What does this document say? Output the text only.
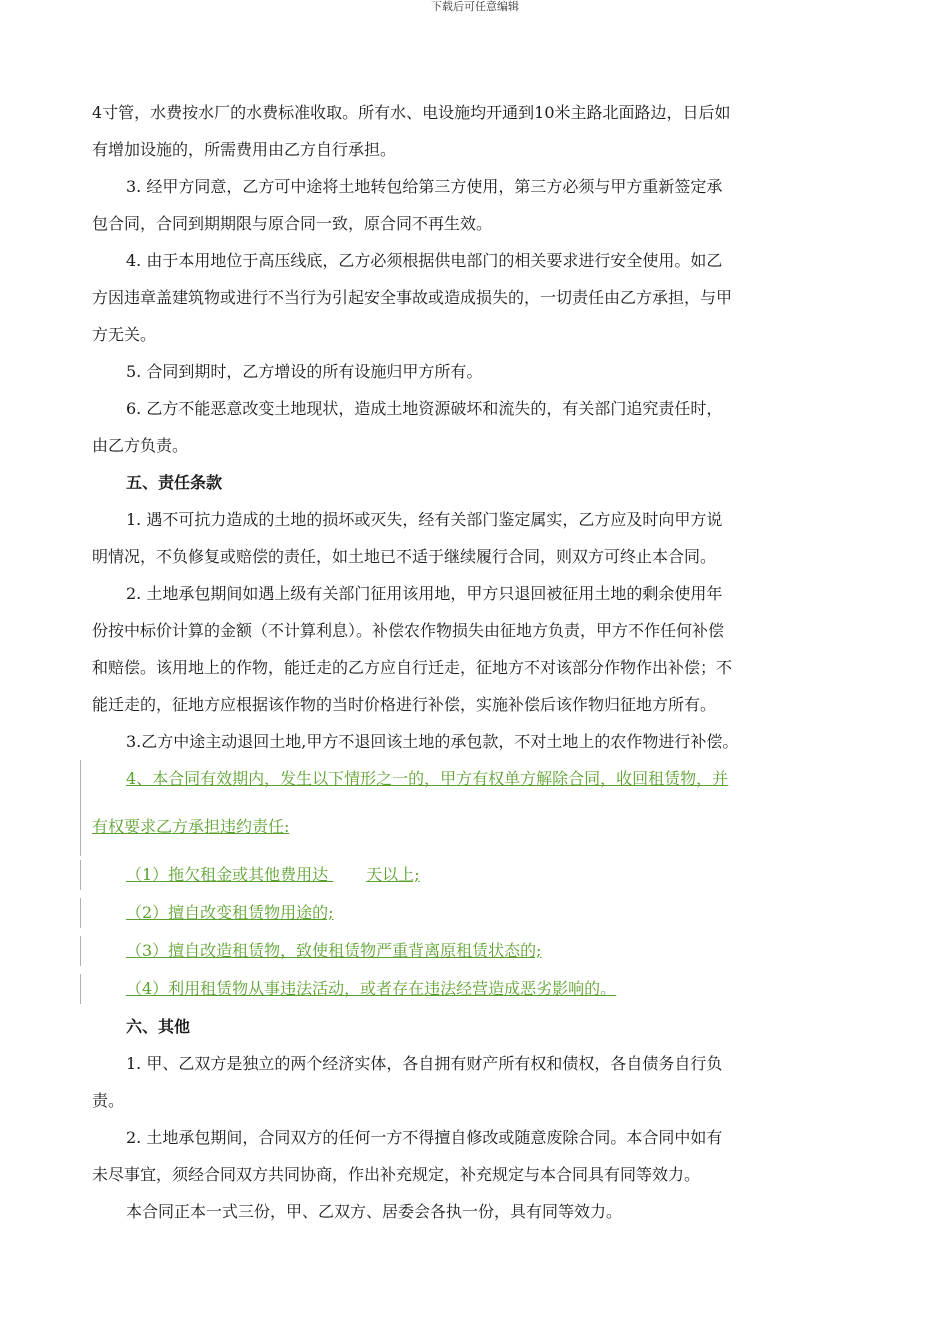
下载后可任意编辑
4寸管，水费按水厂的水费标准收取。所有水、电设施均开通到10米主路北面路边，日后如
有增加设施的，所需费用由乙方自行承担。
3. 经甲方同意，乙方可中途将土地转包给第三方使用，第三方必须与甲方重新签定承
包合同，合同到期期限与原合同一致，原合同不再生效。
4. 由于本用地位于高压线底，乙方必须根据供电部门的相关要求进行安全使用。如乙
方因违章盖建筑物或进行不当行为引起安全事故或造成损失的，一切责任由乙方承担，与甲
方无关。
5. 合同到期时，乙方增设的所有设施归甲方所有。
6. 乙方不能恶意改变土地现状，造成土地资源破坏和流失的，有关部门追究责任时，
由乙方负责。
五、责任条款
1. 遇不可抗力造成的土地的损坏或灭失，经有关部门鉴定属实，乙方应及时向甲方说
明情况，不负修复或赔偿的责任，如土地已不适于继续履行合同，则双方可终止本合同。
2. 土地承包期间如遇上级有关部门征用该用地，甲方只退回被征用土地的剩余使用年
份按中标价计算的金额（不计算利息）。补偿农作物损失由征地方负责，甲方不作任何补偿
和赔偿。该用地上的作物，能迁走的乙方应自行迁走，征地方不对该部分作物作出补偿；不
能迁走的，征地方应根据该作物的当时价格进行补偿，实施补偿后该作物归征地方所有。
3.乙方中途主动退回土地,甲方不退回该土地的承包款，不对土地上的农作物进行补偿。
4、本合同有效期内，发生以下情形之一的，甲方有权单方解除合同，收回租赁物，并
有权要求乙方承担违约责任:
（1）拖欠租金或其他费用达 天以上;
（2）擅自改变租赁物用途的;
（3）擅自改造租赁物，致使租赁物严重背离原租赁状态的;
（4）利用租赁物从事违法活动，或者存在违法经营造成恶劣影响的。
六、其他
1. 甲、乙双方是独立的两个经济实体，各自拥有财产所有权和债权，各自债务自行负
责。
2. 土地承包期间，合同双方的任何一方不得擅自修改或随意废除合同。本合同中如有
未尽事宜，须经合同双方共同协商，作出补充规定，补充规定与本合同具有同等效力。
本合同正本一式三份，甲、乙双方、居委会各执一份，具有同等效力。
